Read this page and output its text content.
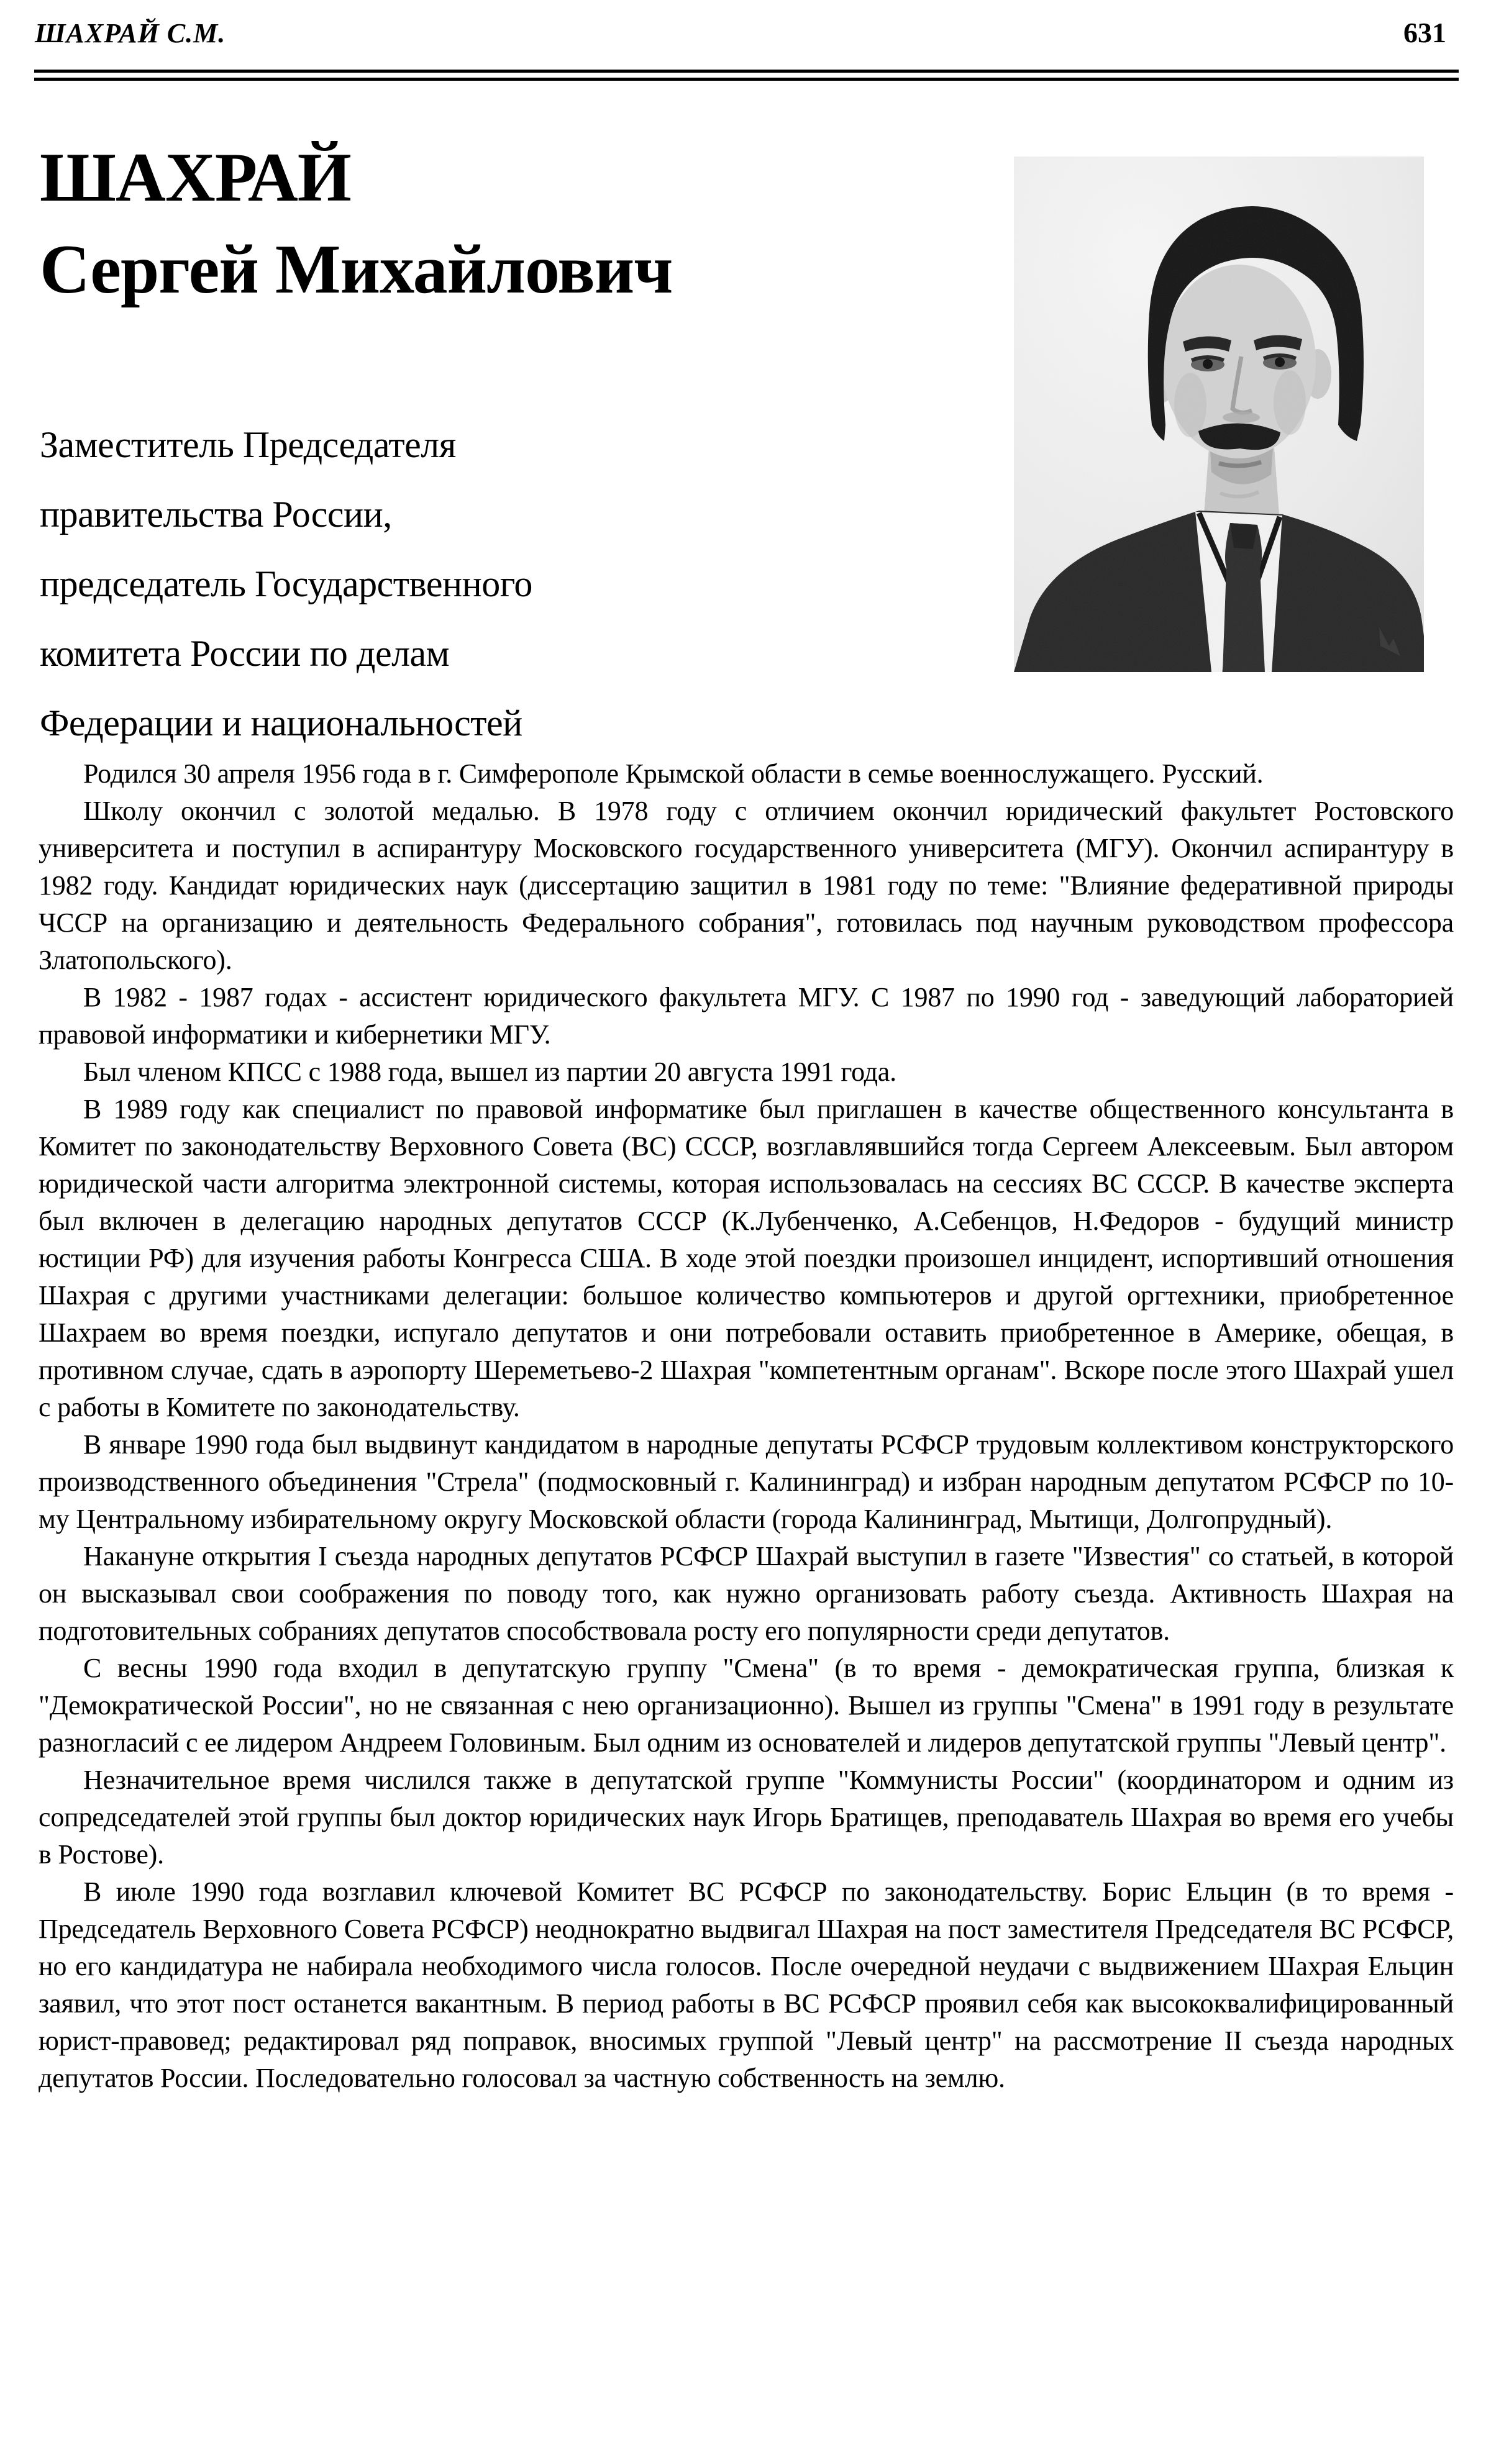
ШАХРАЙ С.М.	631
ШАХРАЙ
Сергей Михайлович
Заместитель Председателя
правительства России,
председатель Государственного
комитета России по делам
Федерации и национальностей

Родился 30 апреля 1956 года в г. Симферополе Крымской области в семье военнослужащего. Русский.

Школу окончил с золотой медалью. В 1978 году с отличием окончил юридический факультет Ростовского университета и поступил в аспирантуру Московского государственного университета (МГУ). Окончил аспирантуру в 1982 году. Кандидат юридических наук (диссертацию защитил в 1981 году по теме: "Влияние федеративной природы ЧССР на организацию и деятельность Федерального собрания", готовилась под научным руководством профессора Златопольского).

В 1982 - 1987 годах - ассистент юридического факультета МГУ. С 1987 по 1990 год - заведующий лабораторией правовой информатики и кибернетики МГУ.

Был членом КПСС с 1988 года, вышел из партии 20 августа 1991 года.

В 1989 году как специалист по правовой информатике был приглашен в качестве общественного консультанта в Комитет по законодательству Верховного Совета (ВС) СССР, возглавлявшийся тогда Сергеем Алексеевым. Был автором юридической части алгоритма электронной системы, которая использовалась на сессиях ВС СССР. В качестве эксперта был включен в делегацию народных депутатов СССР (К.Лубенченко, А.Себенцов, Н.Федоров - будущий министр юстиции РФ) для изучения работы Конгресса США. В ходе этой поездки произошел инцидент, испортивший отношения Шахрая с другими участниками делегации: большое количество компьютеров и другой оргтехники, приобретенное Шахраем во время поездки, испугало депутатов и они потребовали оставить приобретенное в Америке, обещая, в противном случае, сдать в аэропорту Шереметьево-2 Шахрая "компетентным органам". Вскоре после этого Шахрай ушел с работы в Комитете по законодательству.

В январе 1990 года был выдвинут кандидатом в народные депутаты РСФСР трудовым коллективом конструкторского производственного объединения "Стрела" (подмосковный г. Калининград) и избран народным депутатом РСФСР по 10-му Центральному избирательному округу Московской области (города Калининград, Мытищи, Долгопрудный).

Накануне открытия I съезда народных депутатов РСФСР Шахрай выступил в газете "Известия" со статьей, в которой он высказывал свои соображения по поводу того, как нужно организовать работу съезда. Активность Шахрая на подготовительных собраниях депутатов способствовала росту его популярности среди депутатов.

С весны 1990 года входил в депутатскую группу "Смена" (в то время - демократическая группа, близкая к "Демократической России", но не связанная с нею организационно). Вышел из группы "Смена" в 1991 году в результате разногласий с ее лидером Андреем Головиным. Был одним из основателей и лидеров депутатской группы "Левый центр".

Незначительное время числился также в депутатской группе "Коммунисты России" (координатором и одним из сопредседателей этой группы был доктор юридических наук Игорь Братищев, преподаватель Шахрая во время его учебы в Ростове).

В июле 1990 года возглавил ключевой Комитет ВС РСФСР по законодательству. Борис Ельцин (в то время - Председатель Верховного Совета РСФСР) неоднократно выдвигал Шахрая на пост заместителя Председателя ВС РСФСР, но его кандидатура не набирала необходимого числа голосов. После очередной неудачи с выдвижением Шахрая Ельцин заявил, что этот пост останется вакантным. В период работы в ВС РСФСР проявил себя как высококвалифицированный юрист-правовед; редактировал ряд поправок, вносимых группой "Левый центр" на рассмотрение II съезда народных депутатов России. Последовательно голосовал за частную собственность на землю.
